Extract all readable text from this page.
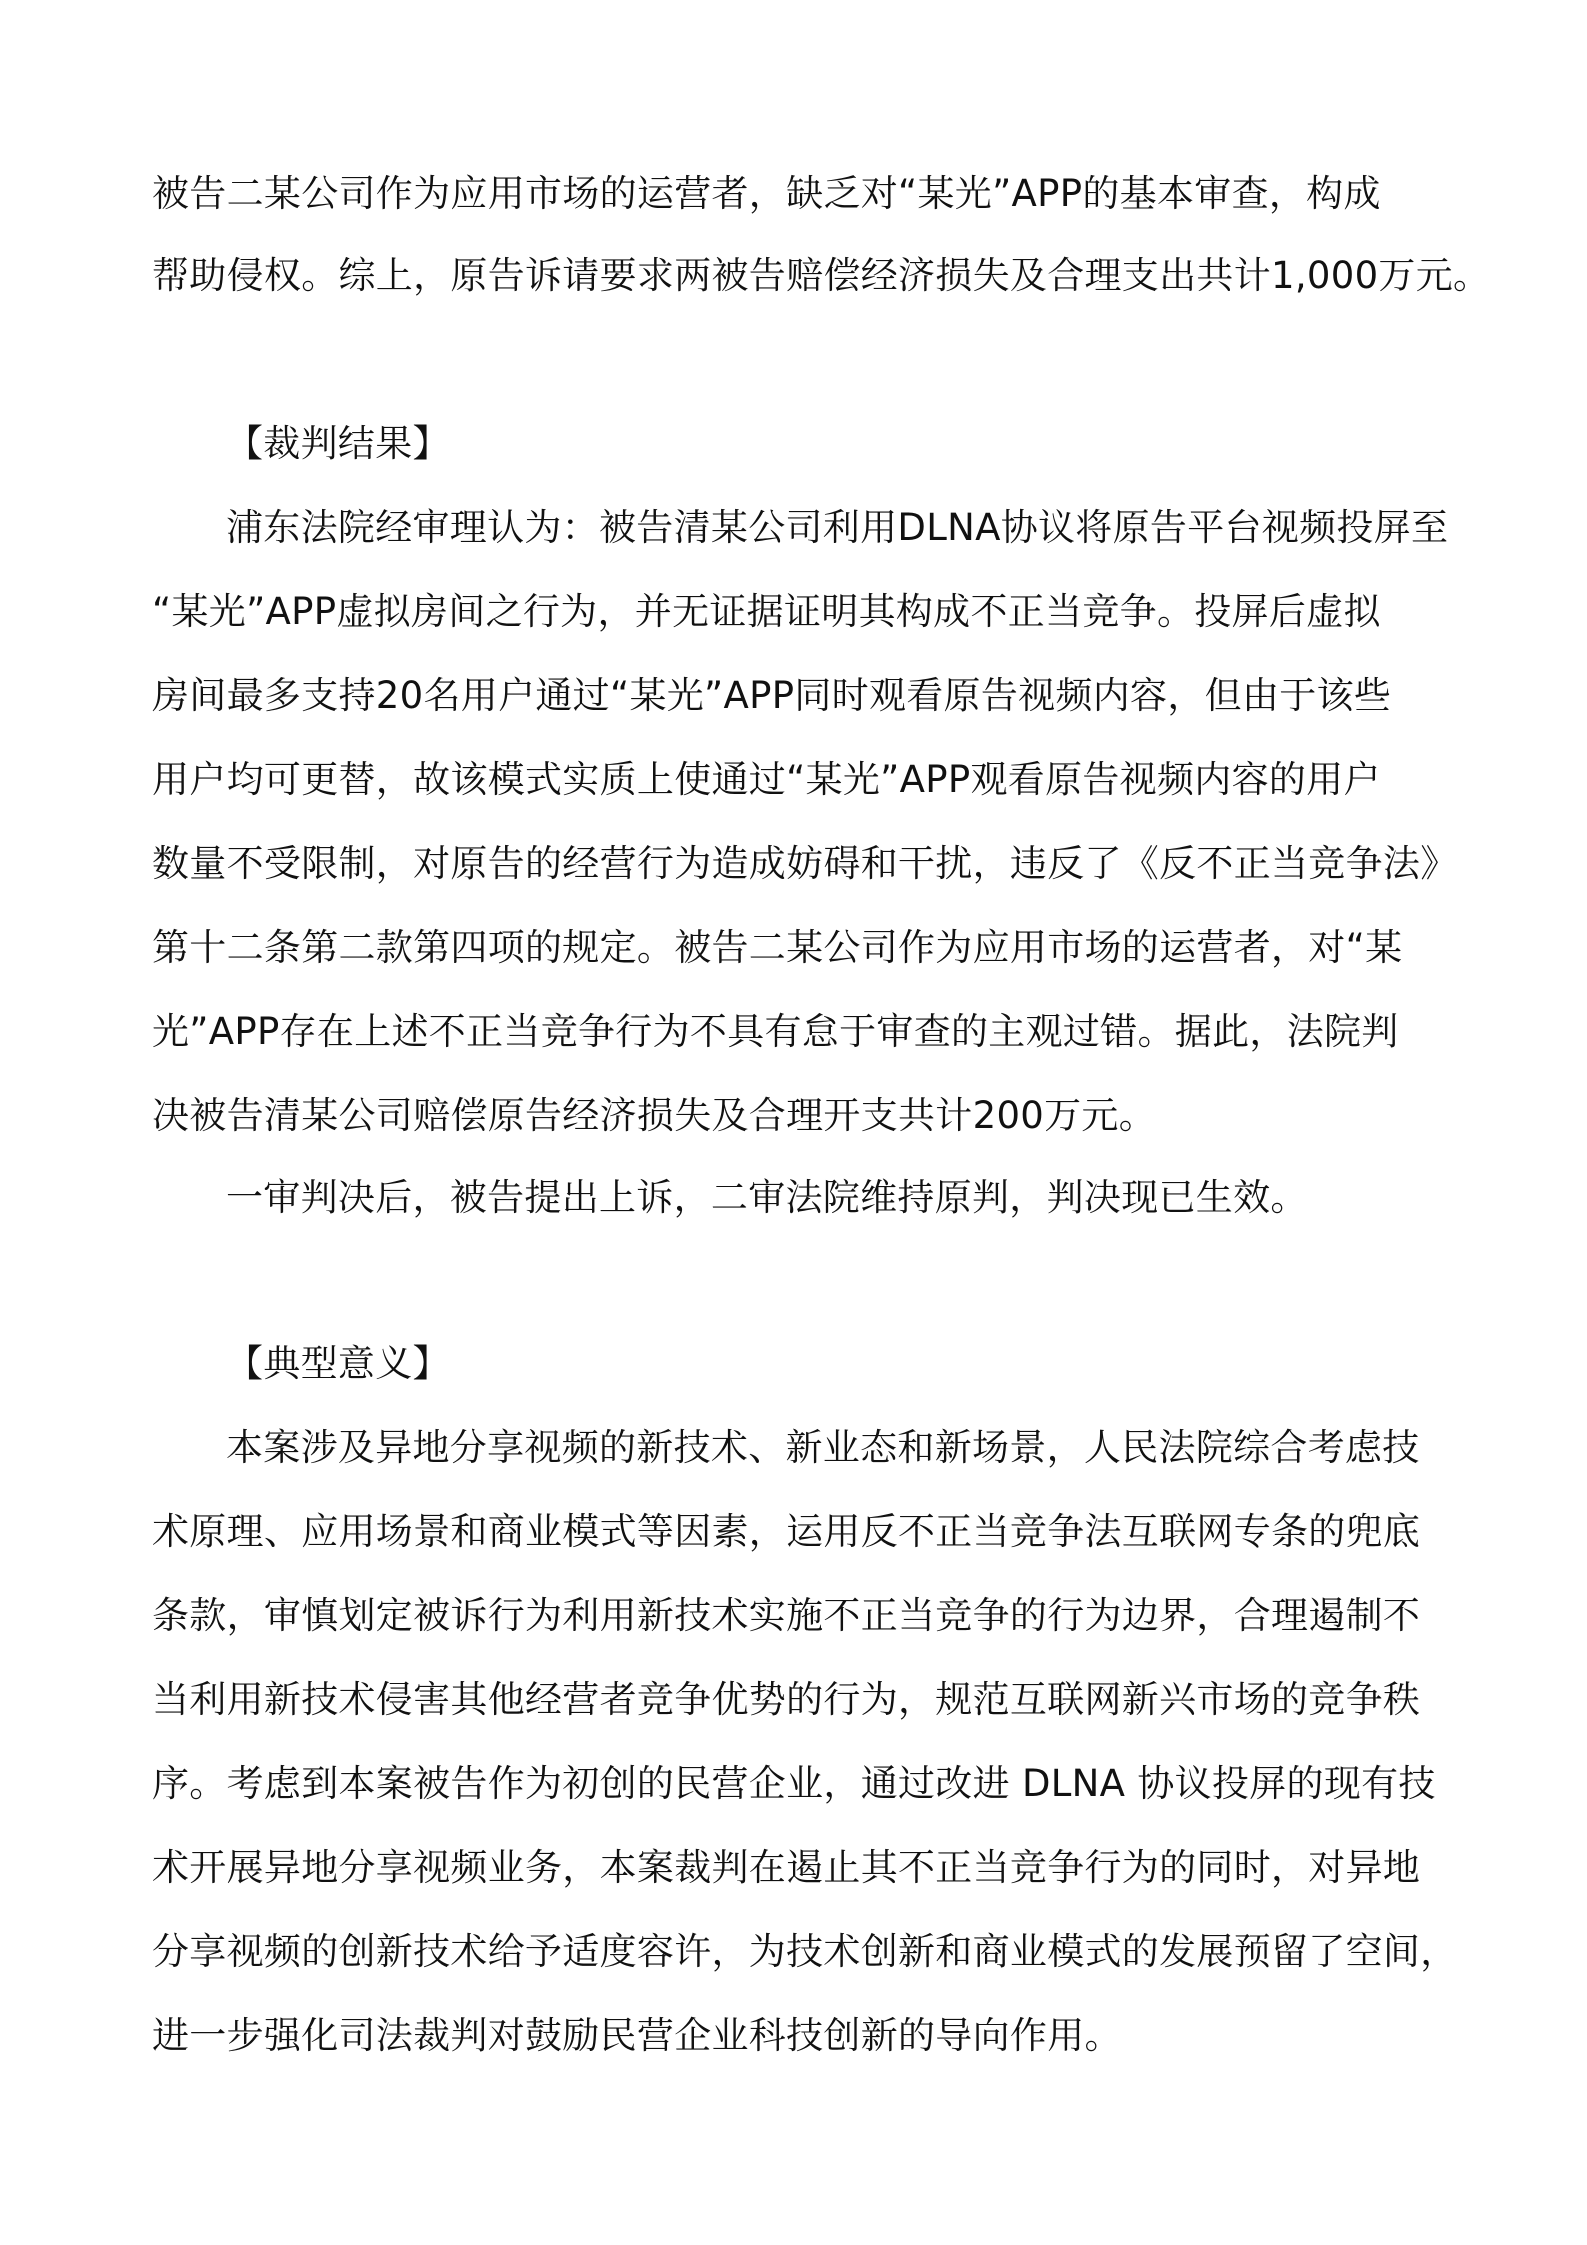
被告二某公司作为应用市场的运营者，缺乏对“某光”APP的基本审查，构成
帮助侵权。综上，原告诉请要求两被告赔偿经济损失及合理支出共计1,000万元。
【裁判结果】
浦东法院经审理认为：被告清某公司利用DLNA协议将原告平台视频投屏至
“某光”APP虚拟房间之行为，并无证据证明其构成不正当竞争。投屏后虚拟
房间最多支持20名用户通过“某光”APP同时观看原告视频内容，但由于该些
用户均可更替，故该模式实质上使通过“某光”APP观看原告视频内容的用户
数量不受限制，对原告的经营行为造成妨碍和干扰，违反了《反不正当竞争法》
第十二条第二款第四项的规定。被告二某公司作为应用市场的运营者，对“某
光”APP存在上述不正当竞争行为不具有怠于审查的主观过错。据此，法院判
决被告清某公司赔偿原告经济损失及合理开支共计200万元。
一审判决后，被告提出上诉，二审法院维持原判，判决现已生效。
【典型意义】
本案涉及异地分享视频的新技术、新业态和新场景，人民法院综合考虑技
术原理、应用场景和商业模式等因素，运用反不正当竞争法互联网专条的兜底
条款，审慎划定被诉行为利用新技术实施不正当竞争的行为边界，合理遏制不
当利用新技术侵害其他经营者竞争优势的行为，规范互联网新兴市场的竞争秩
序。考虑到本案被告作为初创的民营企业，通过改进 DLNA 协议投屏的现有技
术开展异地分享视频业务，本案裁判在遏止其不正当竞争行为的同时，对异地
分享视频的创新技术给予适度容许，为技术创新和商业模式的发展预留了空间，
进一步强化司法裁判对鼓励民营企业科技创新的导向作用。
